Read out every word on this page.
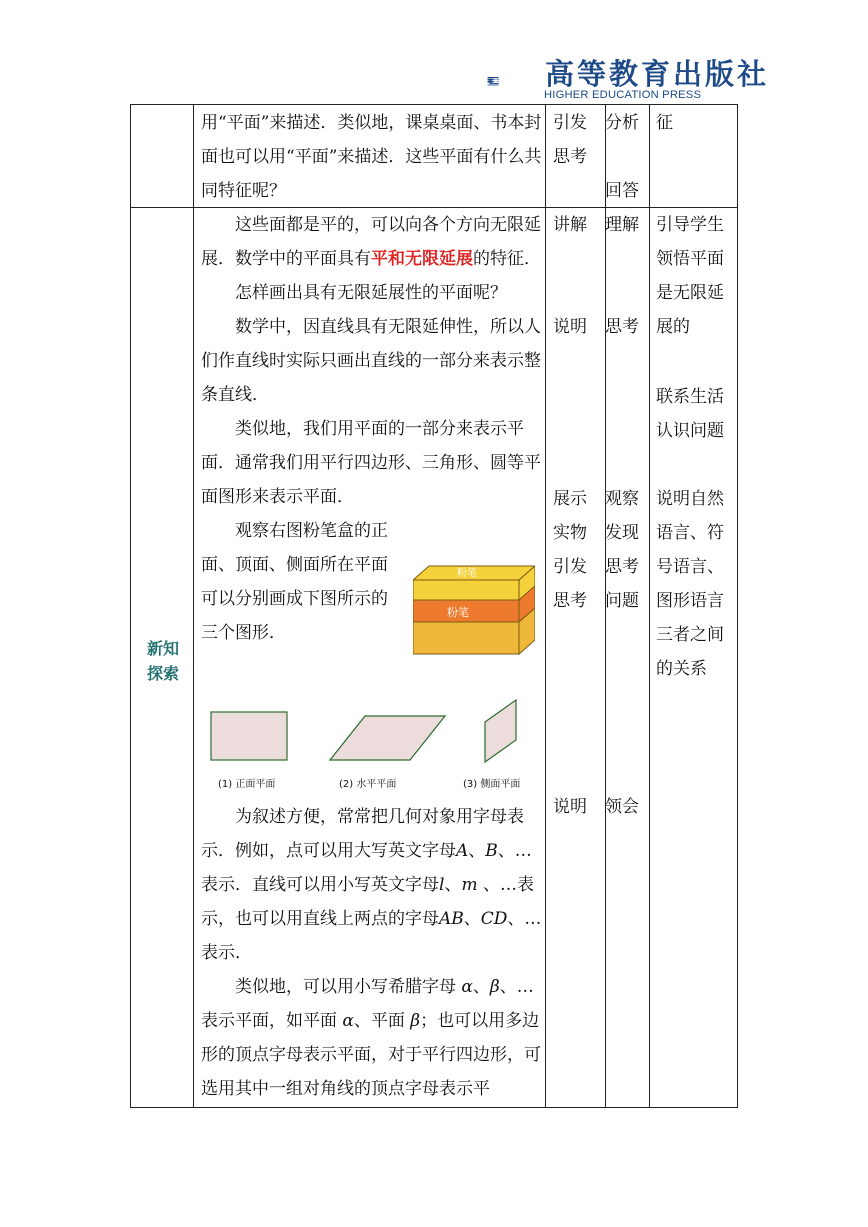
高等教育出版社
HIGHER EDUCATION PRESS
用“平面”来描述．类似地，课桌桌面、书本封面也可以用“平面”来描述．这些平面有什么共同特征呢？

引发

思考

分析

回答

征

新知
探索

这些面都是平的，可以向各个方向无限延展．数学中的平面具有平和无限延展的特征．

怎样画出具有无限延展性的平面呢？

数学中，因直线具有无限延伸性，所以人们作直线时实际只画出直线的一部分来表示整条直线．

类似地，我们用平面的一部分来表示平面．通常我们用平行四边形、三角形、圆等平面图形来表示平面．

观察右图粉笔盒的正面、顶面、侧面所在平面可以分别画成下图所示的三个图形．

粉笔
粉笔
(1) 正面平面	(2) 水平平面	(3) 侧面平面

为叙述方便，常常把几何对象用字母表示．例如，点可以用大写英文字母A、B、…表示．直线可以用小写英文字母l、m 、…表示，也可以用直线上两点的字母AB、CD、…表示．

类似地，可以用小写希腊字母 α、β、…表示平面，如平面 α、平面 β；也可以用多边形的顶点字母表示平面，对于平行四边形，可选用其中一组对角线的顶点字母表示平

讲解
说明
展示
实物
引发
思考
说明
理解
思考
观察
发现
思考
问题
领会
引导学生
领悟平面
是无限延
展的
联系生活
认识问题
说明自然
语言、符
号语言、
图形语言
三者之间
的关系
